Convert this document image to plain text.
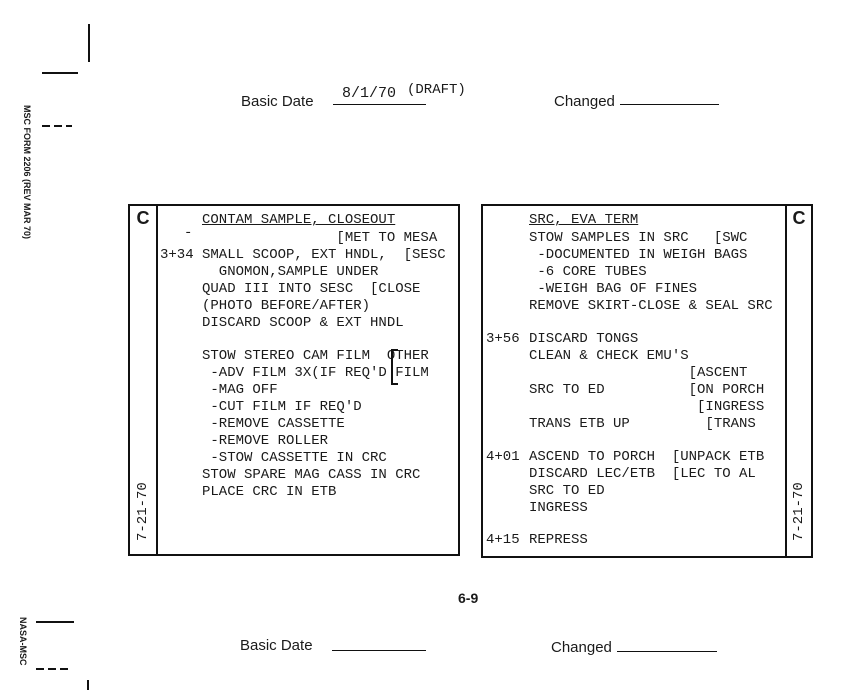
MSC FORM 2206 (REV MAR 70)
NASA-MSC
Basic Date 8/1/70 (DRAFT)
Changed
C
7-21-70
CONTAM SAMPLE, CLOSEOUT
- [MET TO MESA
3+34 SMALL SCOOP, EXT HNDL,  [SESC
GNOMON,SAMPLE UNDER
QUAD III INTO SESC  [CLOSE
(PHOTO BEFORE/AFTER)
DISCARD SCOOP & EXT HNDL
STOW STEREO CAM FILM  OTHER
-ADV FILM 3X(IF REQ'D FILM
-MAG OFF
-CUT FILM IF REQ'D
-REMOVE CASSETTE
-REMOVE ROLLER
-STOW CASSETTE IN CRC
STOW SPARE MAG CASS IN CRC
PLACE CRC IN ETB
C
7-21-70
SRC, EVA TERM
STOW SAMPLES IN SRC   [SWC
-DOCUMENTED IN WEIGH BAGS
-6 CORE TUBES
-WEIGH BAG OF FINES
REMOVE SKIRT-CLOSE & SEAL SRC
3+56 DISCARD TONGS
CLEAN & CHECK EMU'S
[ASCENT
SRC TO ED          [ON PORCH
[INGRESS
TRANS ETB UP         [TRANS
4+01 ASCEND TO PORCH  [UNPACK ETB
DISCARD LEC/ETB  [LEC TO AL
SRC TO ED
INGRESS
4+15 REPRESS
6-9
Basic Date	Changed
